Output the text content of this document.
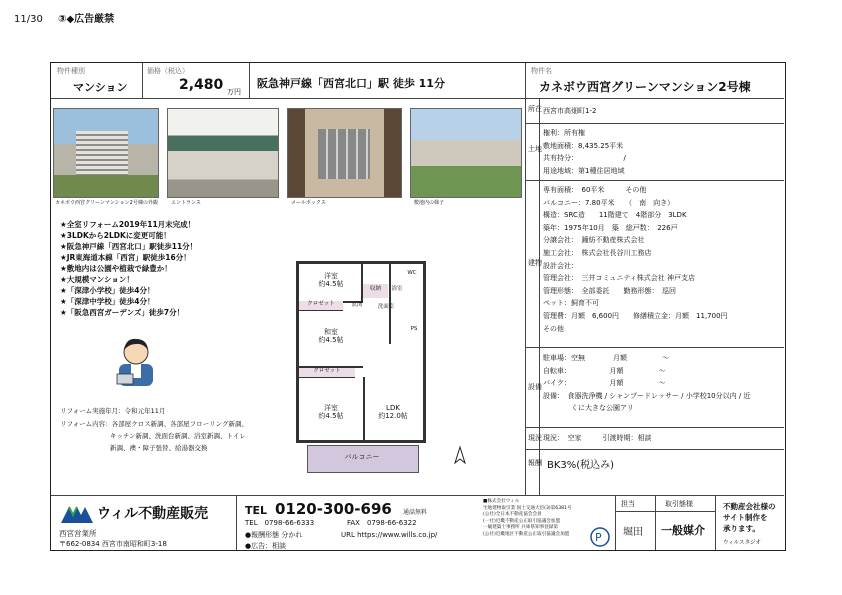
11/30 ③◆広告厳禁
物件種別
マンション
価格（税込）
2,480 万円
阪急神戸線「西宮北口」駅 徒歩 11分
物件名
カネボウ西宮グリーンマンション2号棟
カネボウ西宮グリーンマンション2号棟の外観	エントランス	メールボックス	敷地内の様子
★全室リフォーム2019年11月末完成！
★3LDKから2LDKに変更可能！
★阪急神戸線「西宮北口」駅徒歩11分！
★JR東海道本線「西宮」駅徒歩16分！
★敷地内は公園や植栽で緑豊か！
★大規模マンション！
★「深津小学校」徒歩4分！
★「深津中学校」徒歩4分！
★「阪急西宮ガーデンズ」徒歩7分！
リフォーム実施年月：令和元年11月
リフォーム内容：各部屋クロス新調、各部屋フローリング新調、
キッチン新調、洗面台新調、浴室新調、トイレ
新調、襖・障子張替、給湯器交換
洋室
約4.5帖
クロゼット
収納
玄関
和室
約4.5帖
クロゼット
洋室
約4.5帖
LDK
約12.0帖
浴室
洗面室
WC
PS
バルコニー
所在 西宮市高畑町1-2
土地
権利：所有権
敷地面積：8,435.25平米
共有持分：　　　　　　　/
用途地域：第1種住居地域
建物
専有面積：　60平米　　　その他
バルコニー：7.80平米　　（　南　向き）
構造：SRC造　　11階建て　4階部分　3LDK
築年：1975年10月　築　総戸数：　226戸
分譲会社：　鐘紡不動産株式会社
施工会社：　株式会社長谷川工務店
設計会社：
管理会社：　三井コミュニティ株式会社 神戸支店
管理形態：　全部委託　　勤務形態：　巡回
ペット：飼育不可
管理費：月額　6,600円　　修繕積立金：月額　11,700円
その他
設備
駐車場：空無　　　　月額　　　　　〜
自転車：　　　　　　月額　　　　　〜
バイク：　　　　　　月額　　　　　〜
設備：　食器洗浄機 / シャンプードレッサー / 小学校10分以内 / 近
　　　　くに大きな公園アリ
現況 現況：　空家　　　引渡時期：相談
報酬 BK3%(税込み)
ウィル不動産販売
西宮営業所
〒662-0834 西宮市南昭和町3-18
TEL 0120-300-696 通話無料
TEL　0798-66-6333	FAX　0798-66-6322
●報酬形態 分かれ	URL https://www.wills.co.jp/
●広告：相談
■株式会社ウィル
宅地建物取引業 国土交通大臣(3)第6381号
(公社)全日本不動産協会会員
(一社)近畿不動産公正取引協議会加盟
一級建築士事務所 兵庫県知事登録第
(公社)近畿地区不動産公正取引協議会加盟 P
担当
堀田
取引態様
一般媒介
不動産会社様の
サイト制作を
承ります。
ウィルスタジオ
